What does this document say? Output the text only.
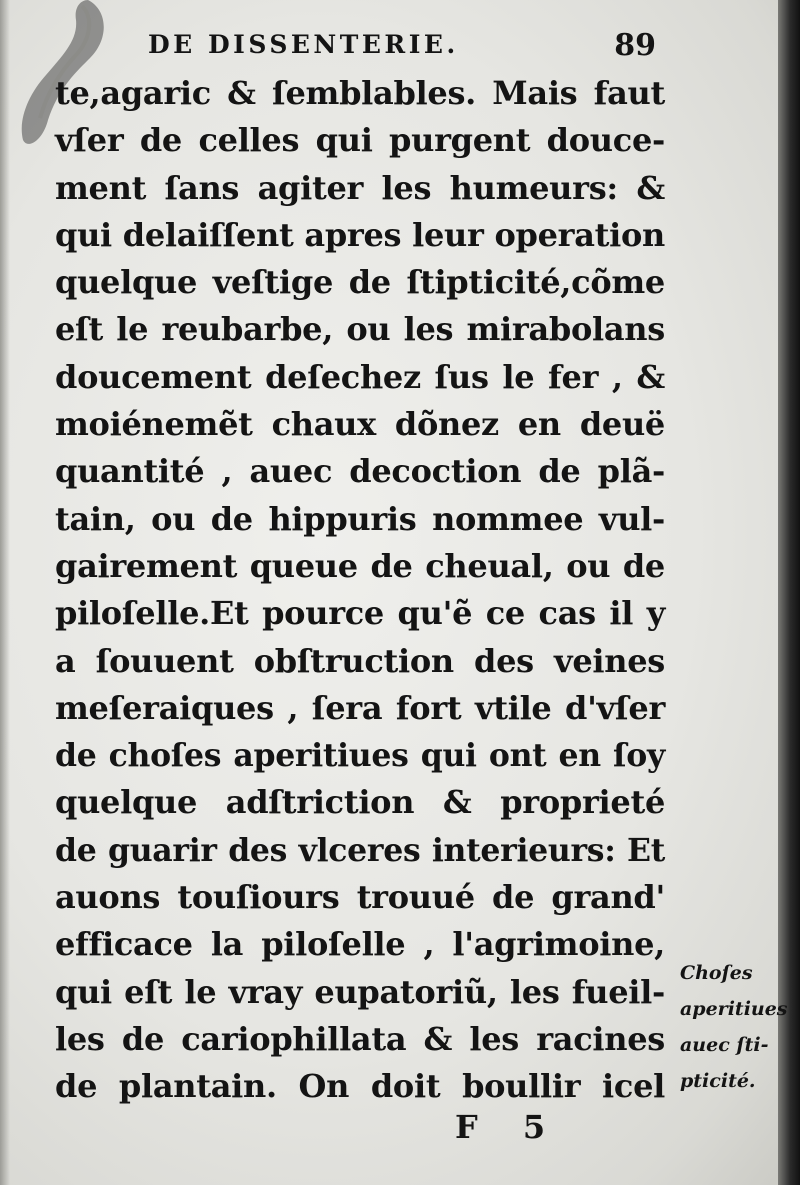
DE DISSENTERIE.	89
te,agaric & ſemblables. Mais faut
vſer de celles qui purgent douce-
ment ſans agiter les humeurs: &
qui delaiſſent apres leur operation
quelque veſtige de ſtipticité,cõme
eſt le reubarbe, ou les mirabolans
doucement deſechez ſus le fer , &
moiénemẽt chaux dõnez en deuë
quantité , auec decoction de plã-
tain, ou de hippuris nommee vul-
gairement queue de cheual, ou de
piloſelle.Et pource qu'ẽ ce cas il y
a ſouuent obſtruction des veines
meſeraiques , ſera fort vtile d'vſer
de choſes aperitiues qui ont en ſoy
quelque adſtriction & proprieté
de guarir des vlceres interieurs: Et
auons touſiours trouué de grand'
efficace la piloſelle , l'agrimoine,
qui eſt le vray eupatoriũ, les fueil-
les de cariophillata & les racines
de plantain. On doit boullir icel
Choſes
aperitiues
auec ſti-
pticité.
F 5
